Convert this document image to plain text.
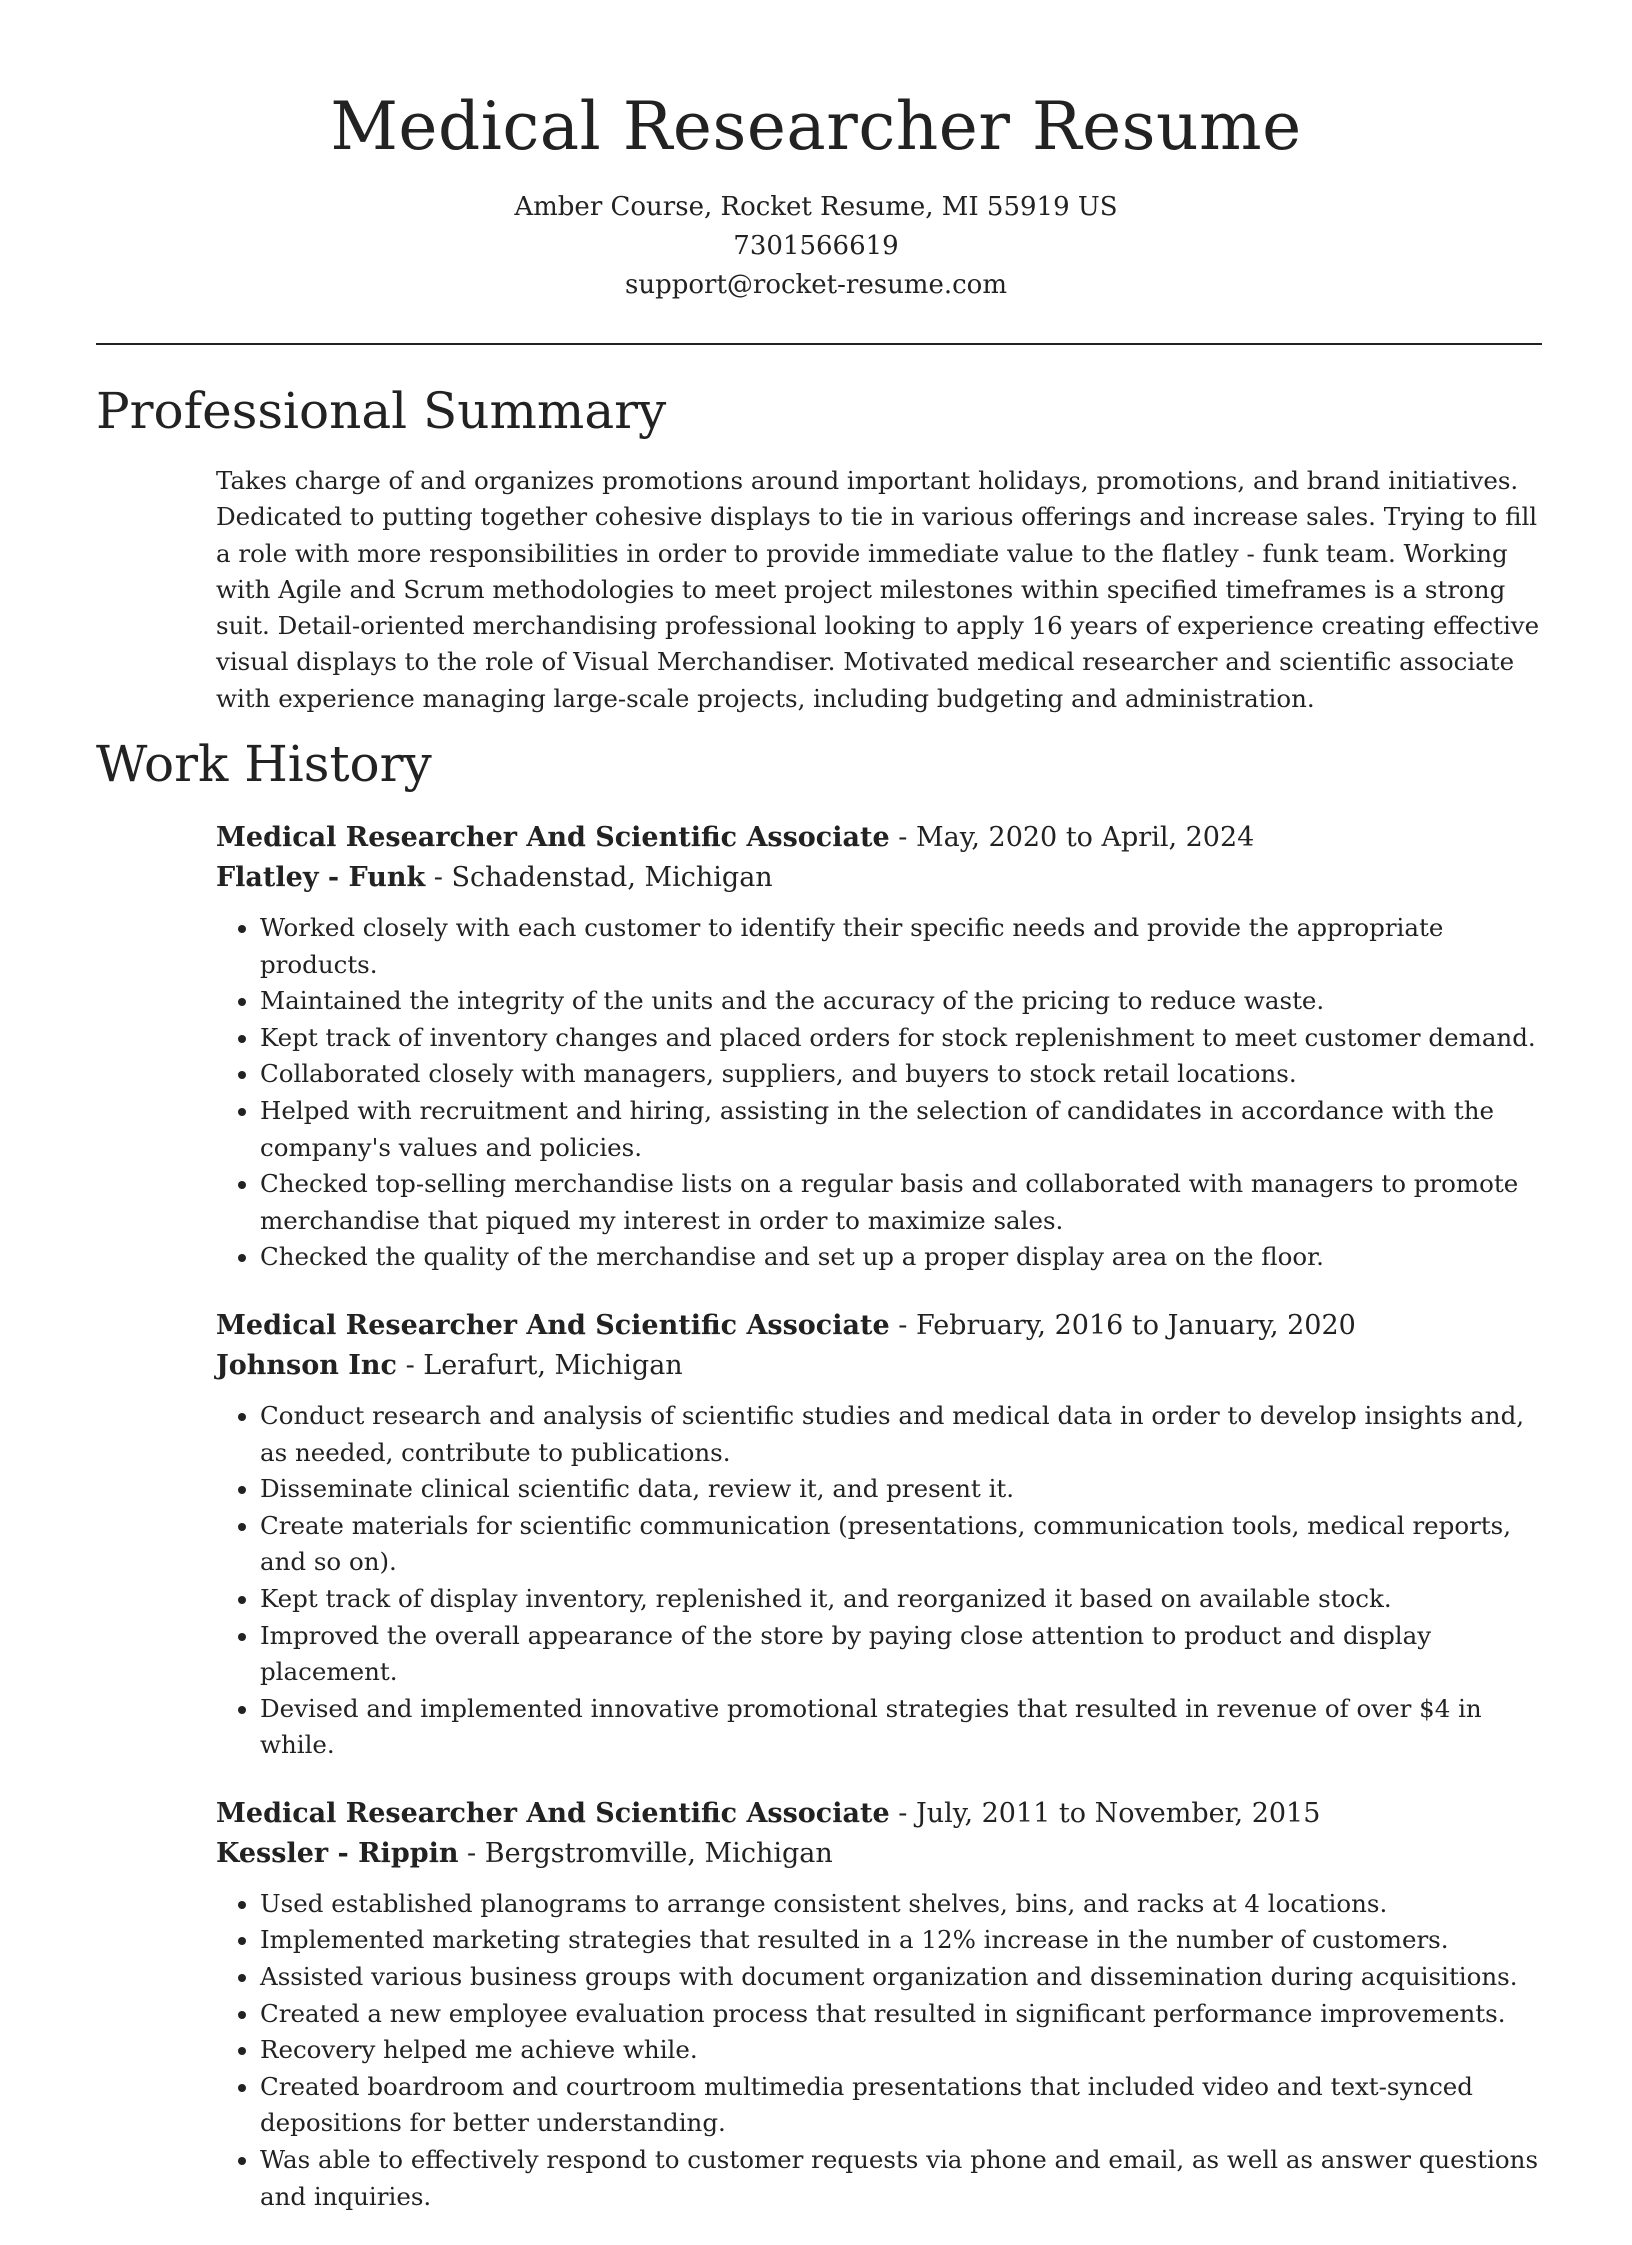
Medical Researcher Resume

Amber Course, Rocket Resume, MI 55919 US

7301566619

support@rocket-resume.com

Professional Summary

Takes charge of and organizes promotions around important holidays, promotions, and brand initiatives. Dedicated to putting together cohesive displays to tie in various offerings and increase sales. Trying to fill a role with more responsibilities in order to provide immediate value to the flatley - funk team. Working with Agile and Scrum methodologies to meet project milestones within specified timeframes is a strong suit. Detail-oriented merchandising professional looking to apply 16 years of experience creating effective visual displays to the role of Visual Merchandiser. Motivated medical researcher and scientific associate with experience managing large-scale projects, including budgeting and administration.

Work History

Medical Researcher And Scientific Associate - May, 2020 to April, 2024

Flatley - Funk - Schadenstad, Michigan

• Worked closely with each customer to identify their specific needs and provide the appropriate products.
• Maintained the integrity of the units and the accuracy of the pricing to reduce waste.
• Kept track of inventory changes and placed orders for stock replenishment to meet customer demand.
• Collaborated closely with managers, suppliers, and buyers to stock retail locations.
• Helped with recruitment and hiring, assisting in the selection of candidates in accordance with the company's values and policies.
• Checked top-selling merchandise lists on a regular basis and collaborated with managers to promote merchandise that piqued my interest in order to maximize sales.
• Checked the quality of the merchandise and set up a proper display area on the floor.

Medical Researcher And Scientific Associate - February, 2016 to January, 2020

Johnson Inc - Lerafurt, Michigan

• Conduct research and analysis of scientific studies and medical data in order to develop insights and, as needed, contribute to publications.
• Disseminate clinical scientific data, review it, and present it.
• Create materials for scientific communication (presentations, communication tools, medical reports, and so on).
• Kept track of display inventory, replenished it, and reorganized it based on available stock.
• Improved the overall appearance of the store by paying close attention to product and display placement.
• Devised and implemented innovative promotional strategies that resulted in revenue of over $4 in while.

Medical Researcher And Scientific Associate - July, 2011 to November, 2015

Kessler - Rippin - Bergstromville, Michigan

• Used established planograms to arrange consistent shelves, bins, and racks at 4 locations.
• Implemented marketing strategies that resulted in a 12% increase in the number of customers.
• Assisted various business groups with document organization and dissemination during acquisitions.
• Created a new employee evaluation process that resulted in significant performance improvements.
• Recovery helped me achieve while.
• Created boardroom and courtroom multimedia presentations that included video and text-synced depositions for better understanding.
• Was able to effectively respond to customer requests via phone and email, as well as answer questions and inquiries.
